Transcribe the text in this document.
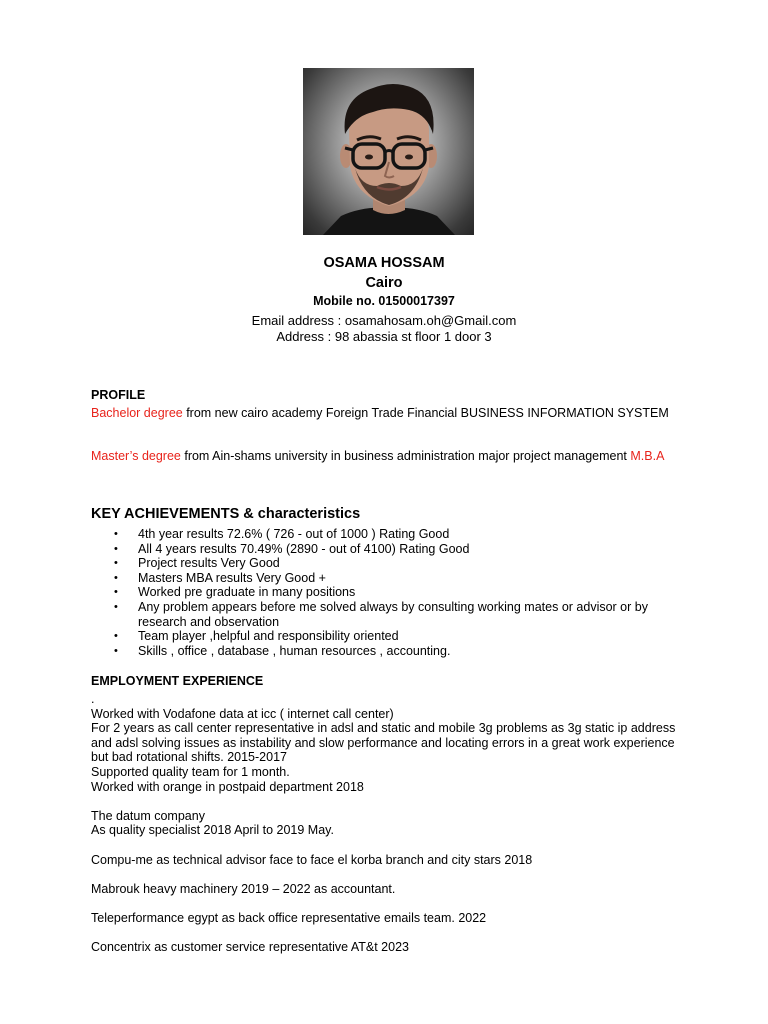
OSAMA HOSSAM
Cairo
Mobile no. 01500017397
Email address : osamahosam.oh@Gmail.com
Address : 98 abassia st floor 1 door 3
PROFILE
Bachelor degree from new cairo academy Foreign Trade Financial BUSINESS INFORMATION SYSTEM
Master’s degree from Ain-shams university in business administration major project management M.B.A
KEY ACHIEVEMENTS & characteristics
• 4th year results 72.6% ( 726 - out of 1000 ) Rating Good
• All 4 years results 70.49% (2890 - out of 4100) Rating Good
• Project results Very Good
• Masters MBA results Very Good +
• Worked pre graduate in many positions
• Any problem appears before me solved always by consulting working mates or advisor or by research and observation
• Team player ,helpful and responsibility oriented
• Skills , office , database , human resources , accounting.
EMPLOYMENT EXPERIENCE
.
Worked with Vodafone data at icc ( internet call center)
For 2 years as call center representative in adsl and static and mobile 3g problems as 3g static ip address and adsl solving issues as instability and slow performance and locating errors in a great work experience but bad rotational shifts. 2015-2017
Supported quality team for 1 month.
Worked with orange in postpaid department 2018
The datum company
As quality specialist 2018 April to 2019 May.
Compu-me as technical advisor face to face el korba branch and city stars 2018
Mabrouk heavy machinery 2019 – 2022 as accountant.
Teleperformance egypt as back office representative emails team. 2022
Concentrix as customer service representative AT&t 2023
